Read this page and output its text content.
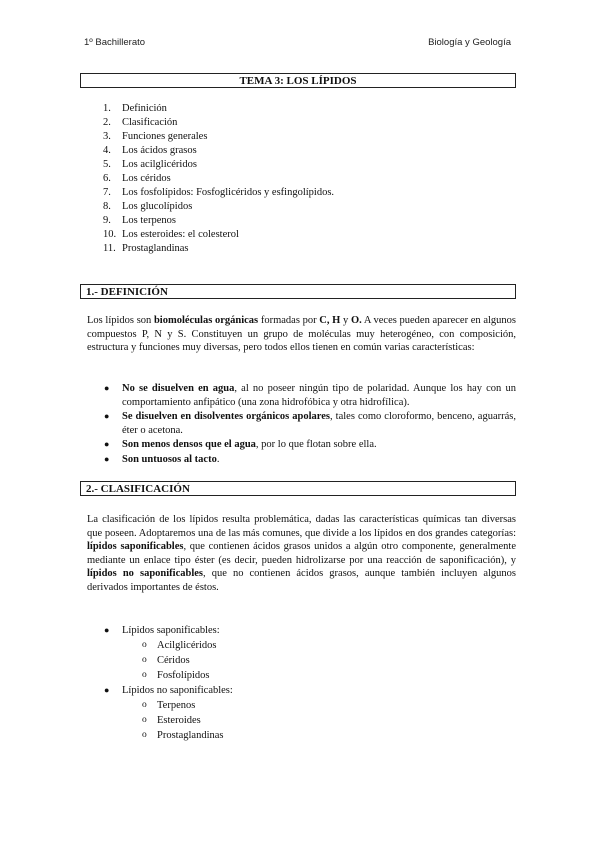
1º Bachillerato	Biología y Geología
TEMA 3: LOS LÍPIDOS
1.	Definición
2.	Clasificación
3.	Funciones generales
4.	Los ácidos grasos
5.	Los acilglicéridos
6.	Los céridos
7.	Los fosfolípidos: Fosfoglicéridos y esfingolípidos.
8.	Los glucolípidos
9.	Los terpenos
10. Los esteroides: el colesterol
11. Prostaglandinas
1.- DEFINICIÓN

Los lípidos son biomoléculas orgánicas formadas por C, H y O. A veces pueden aparecer en algunos compuestos P, N y S. Constituyen un grupo de moléculas muy heterogéneo, con composición, estructura y funciones muy diversas, pero todos ellos tienen en común varias características:

● No se disuelven en agua, al no poseer ningún tipo de polaridad. Aunque los hay con un comportamiento anfipático (una zona hidrofóbica y otra hidrofílica).
● Se disuelven en disolventes orgánicos apolares, tales como cloroformo, benceno, aguarrás, éter o acetona.
● Son menos densos que el agua, por lo que flotan sobre ella.
● Son untuosos al tacto.
2.- CLASIFICACIÓN

La clasificación de los lípidos resulta problemática, dadas las características químicas tan diversas que poseen. Adoptaremos una de las más comunes, que divide a los lípidos en dos grandes categorías: lípidos saponificables, que contienen ácidos grasos unidos a algún otro componente, generalmente mediante un enlace tipo éster (es decir, pueden hidrolizarse por una reacción de saponificación), y lípidos no saponificables, que no contienen ácidos grasos, aunque también incluyen algunos derivados importantes de éstos.

● Lípidos saponificables:
o Acilglicéridos
o Céridos
o Fosfolípidos
● Lípidos no saponificables:
o Terpenos
o Esteroides
o Prostaglandinas
